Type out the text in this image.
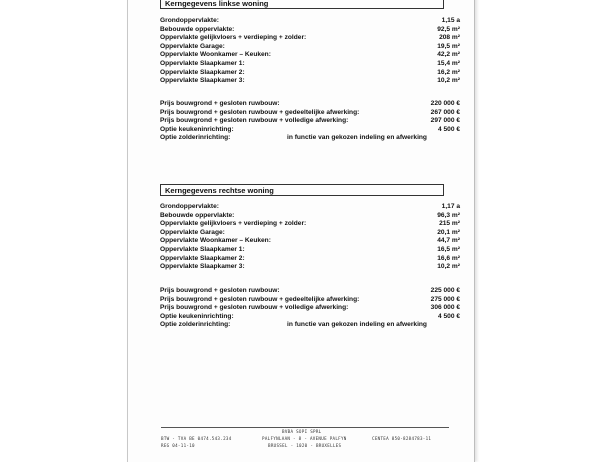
Kerngegevens linkse woning
Grondoppervlakte:	1,15 a
Bebouwde oppervlakte:	92,5 m²
Oppervlakte gelijkvloers + verdieping + zolder:	208 m²
Oppervlakte Garage:	19,5 m²
Oppervlakte Woonkamer – Keuken:	42,2 m²
Oppervlakte Slaapkamer 1:	15,4 m²
Oppervlakte Slaapkamer 2:	16,2 m²
Oppervlakte Slaapkamer 3:	10,2 m²
Prijs bouwgrond + gesloten ruwbouw:	220 000 €
Prijs bouwgrond + gesloten ruwbouw + gedeeltelijke afwerking:	267 000 €
Prijs bouwgrond + gesloten ruwbouw + volledige afwerking:	297 000 €
Optie keukeninrichting:	4 500 €
Optie zolderinrichting:	in functie van gekozen indeling en afwerking
Kerngegevens rechtse woning
Grondoppervlakte:	1,17 a
Bebouwde oppervlakte:	96,3 m²
Oppervlakte gelijkvloers + verdieping + zolder:	215 m²
Oppervlakte Garage:	20,1 m²
Oppervlakte Woonkamer – Keuken:	44,7 m²
Oppervlakte Slaapkamer 1:	16,5 m²
Oppervlakte Slaapkamer 2:	16,6 m²
Oppervlakte Slaapkamer 3:	10,2 m²
Prijs bouwgrond + gesloten ruwbouw:	225 000 €
Prijs bouwgrond + gesloten ruwbouw + gedeeltelijke afwerking:	275 000 €
Prijs bouwgrond + gesloten ruwbouw + volledige afwerking:	306 000 €
Optie keukeninrichting:	4 500 €
Optie zolderinrichting:	in functie van gekozen indeling en afwerking
BVBA SOPI SPRL
BTW - TVA BE 0474.543.234
REG 04-11-10
PALFYNLAAN - 8 - AVENUE PALFYN
BRUSSEL - 1020 - BRUXELLES
CENTEA 850-8284783-11
